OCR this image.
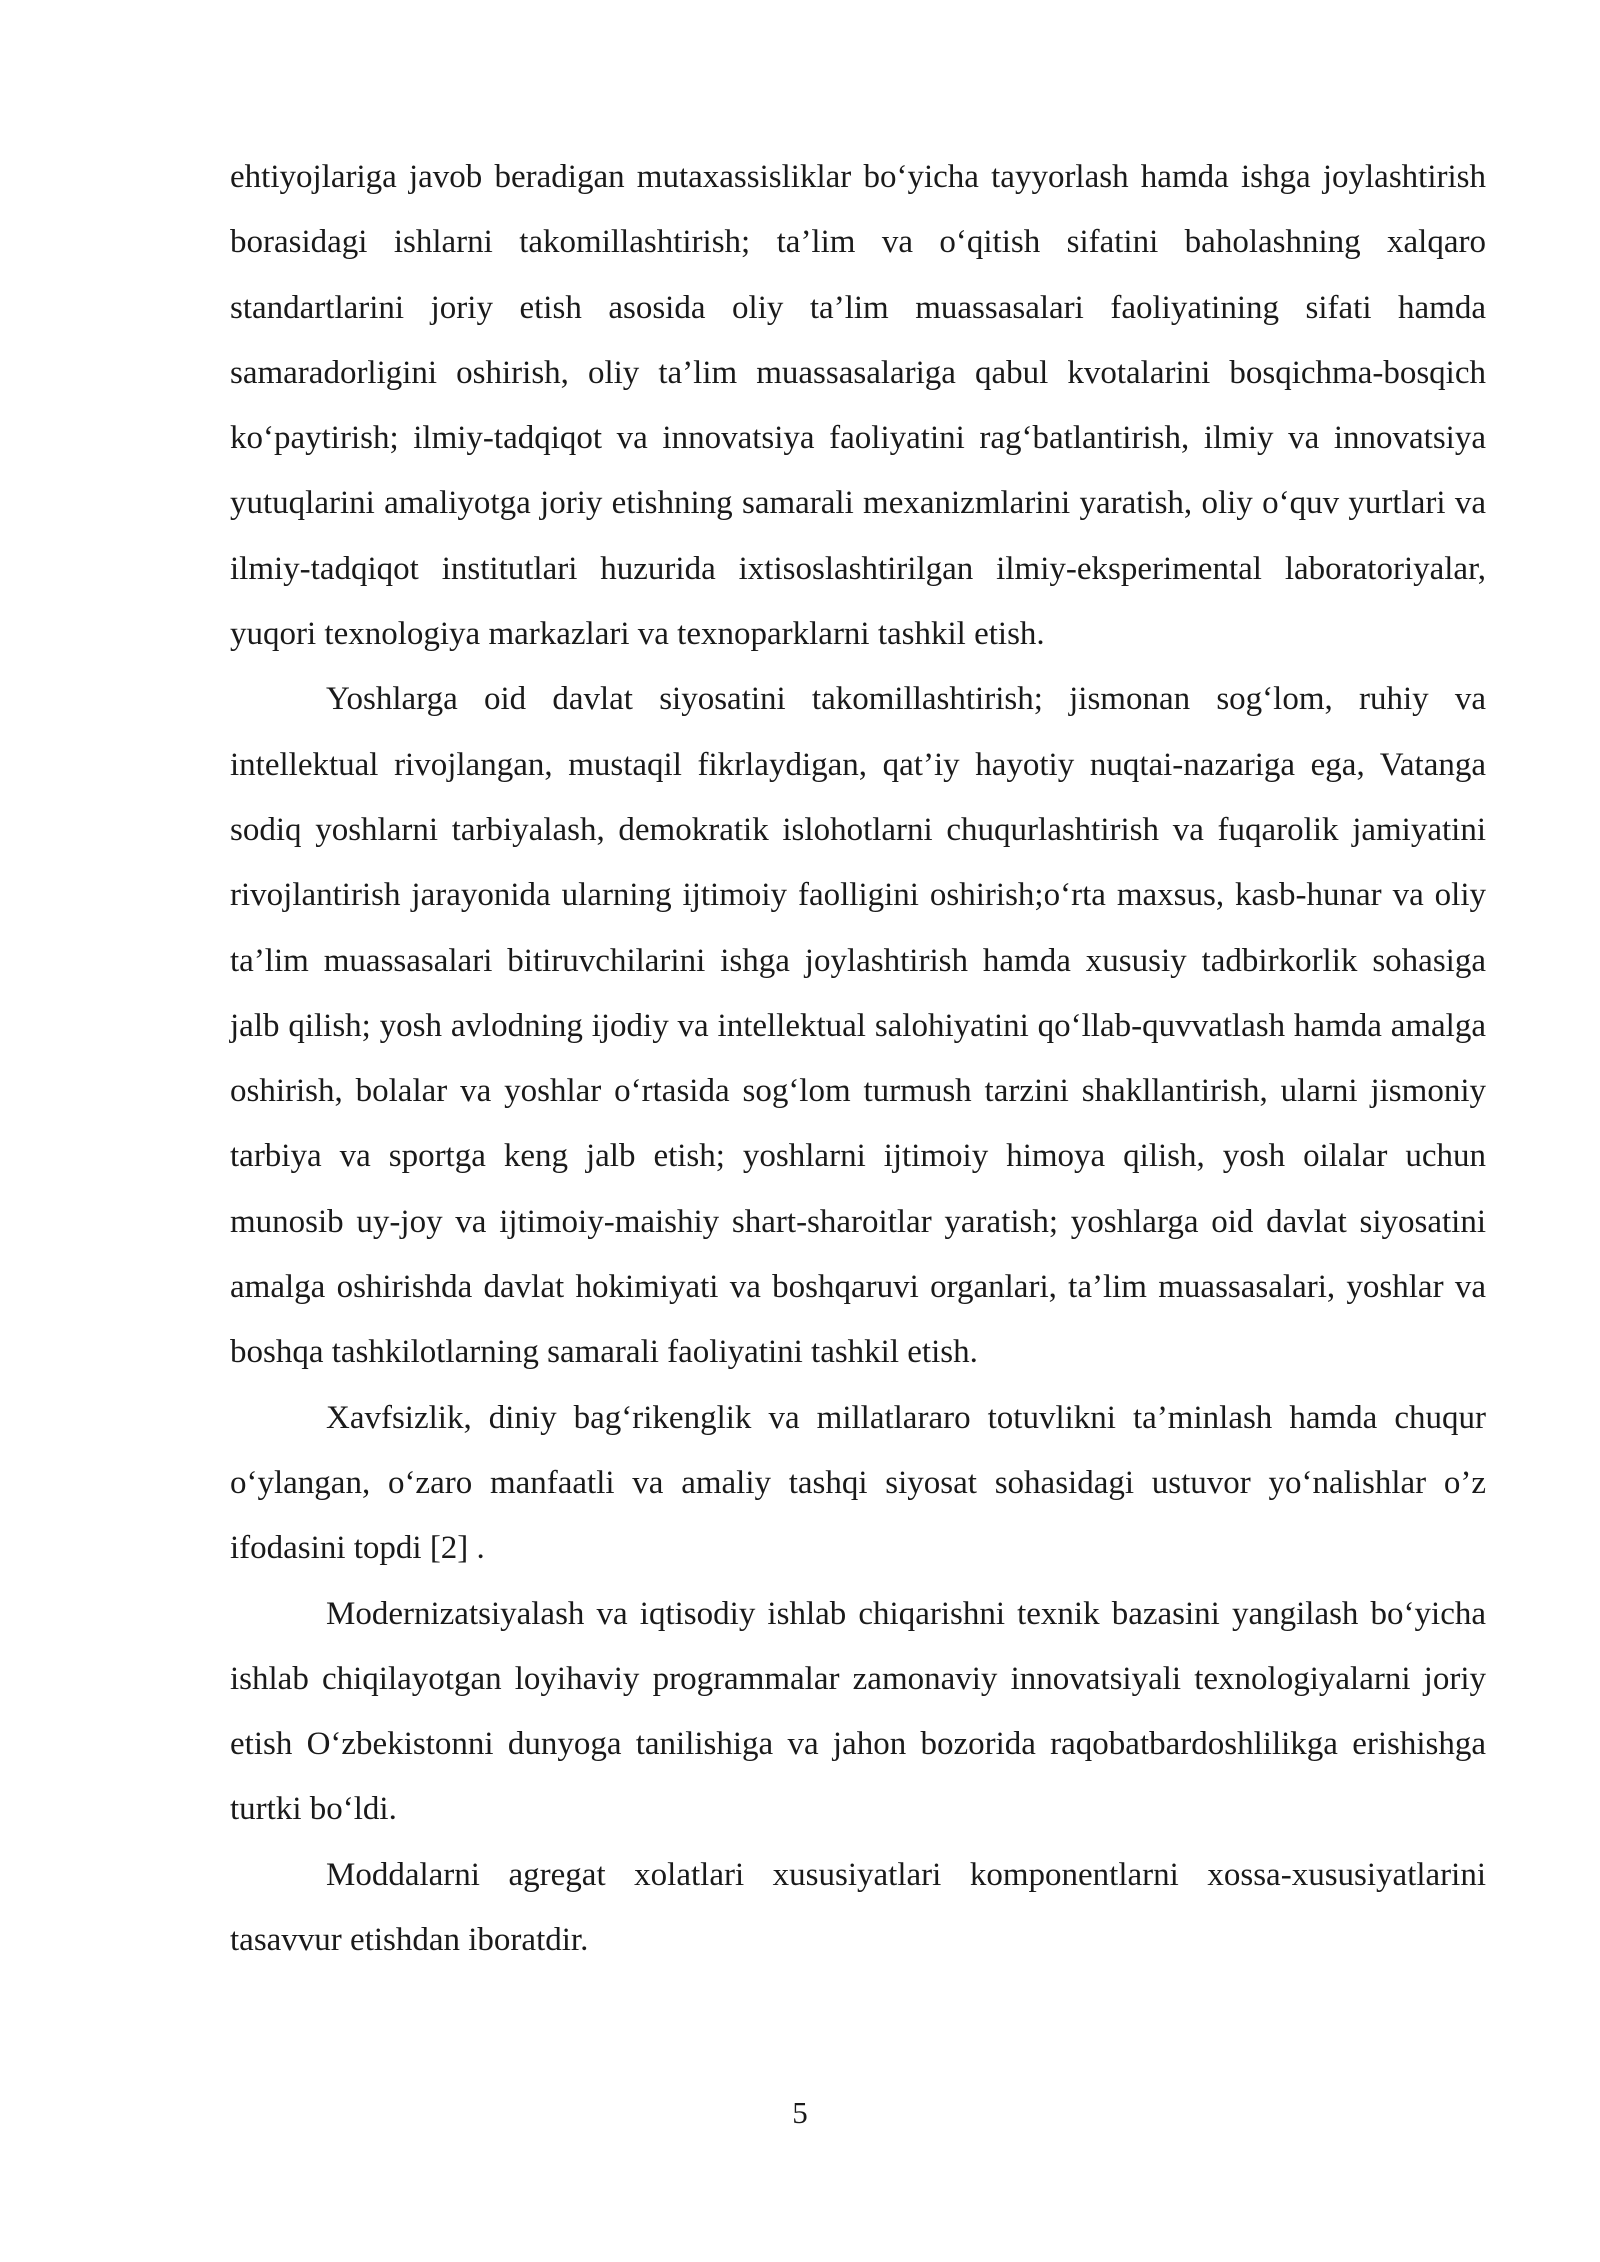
ehtiyojlariga javob beradigan mutaxassisliklar bo‘yicha tayyorlash hamda ishga joylashtirish borasidagi ishlarni takomillashtirish; ta’lim va o‘qitish sifatini baholashning xalqaro standartlarini joriy etish asosida oliy ta’lim muassasalari faoliyatining sifati hamda samaradorligini oshirish, oliy ta’lim muassasalariga qabul kvotalarini bosqichma-bosqich ko‘paytirish; ilmiy-tadqiqot va innovatsiya faoliyatini rag‘batlantirish, ilmiy va innovatsiya yutuqlarini amaliyotga joriy etishning samarali mexanizmlarini yaratish, oliy o‘quv yurtlari va ilmiy-tadqiqot institutlari huzurida ixtisoslashtirilgan ilmiy-eksperimental laboratoriyalar, yuqori texnologiya markazlari va texnoparklarni tashkil etish.

Yoshlarga oid davlat siyosatini takomillashtirish; jismonan sog‘lom, ruhiy va intellektual rivojlangan, mustaqil fikrlaydigan, qat’iy hayotiy nuqtai-nazariga ega, Vatanga sodiq yoshlarni tarbiyalash, demokratik islohotlarni chuqurlashtirish va fuqarolik jamiyatini rivojlantirish jarayonida ularning ijtimoiy faolligini oshirish;o‘rta maxsus, kasb-hunar va oliy ta’lim muassasalari bitiruvchilarini ishga joylashtirish hamda xususiy tadbirkorlik sohasiga jalb qilish; yosh avlodning ijodiy va intellektual salohiyatini qo‘llab-quvvatlash hamda amalga oshirish, bolalar va yoshlar o‘rtasida sog‘lom turmush tarzini shakllantirish, ularni jismoniy tarbiya va sportga keng jalb etish; yoshlarni ijtimoiy himoya qilish, yosh oilalar uchun munosib uy-joy va ijtimoiy-maishiy shart-sharoitlar yaratish; yoshlarga oid davlat siyosatini amalga oshirishda davlat hokimiyati va boshqaruvi organlari, ta’lim muassasalari, yoshlar va boshqa tashkilotlarning samarali faoliyatini tashkil etish.

Xavfsizlik, diniy bag‘rikenglik va millatlararo totuvlikni ta’minlash hamda chuqur o‘ylangan, o‘zaro manfaatli va amaliy tashqi siyosat sohasidagi ustuvor yo‘nalishlar o’z ifodasini topdi [2] .

Modernizatsiyalash va iqtisodiy ishlab chiqarishni texnik bazasini yangilash bo‘yicha ishlab chiqilayotgan loyihaviy programmalar zamonaviy innovatsiyali texnologiyalarni joriy etish O‘zbekistonni dunyoga tanilishiga va jahon bozorida raqobatbardoshlilikga erishishga turtki bo‘ldi.

Moddalarni agregat xolatlari xususiyatlari komponentlarni xossa-xususiyatlarini tasavvur etishdan iboratdir.

5
